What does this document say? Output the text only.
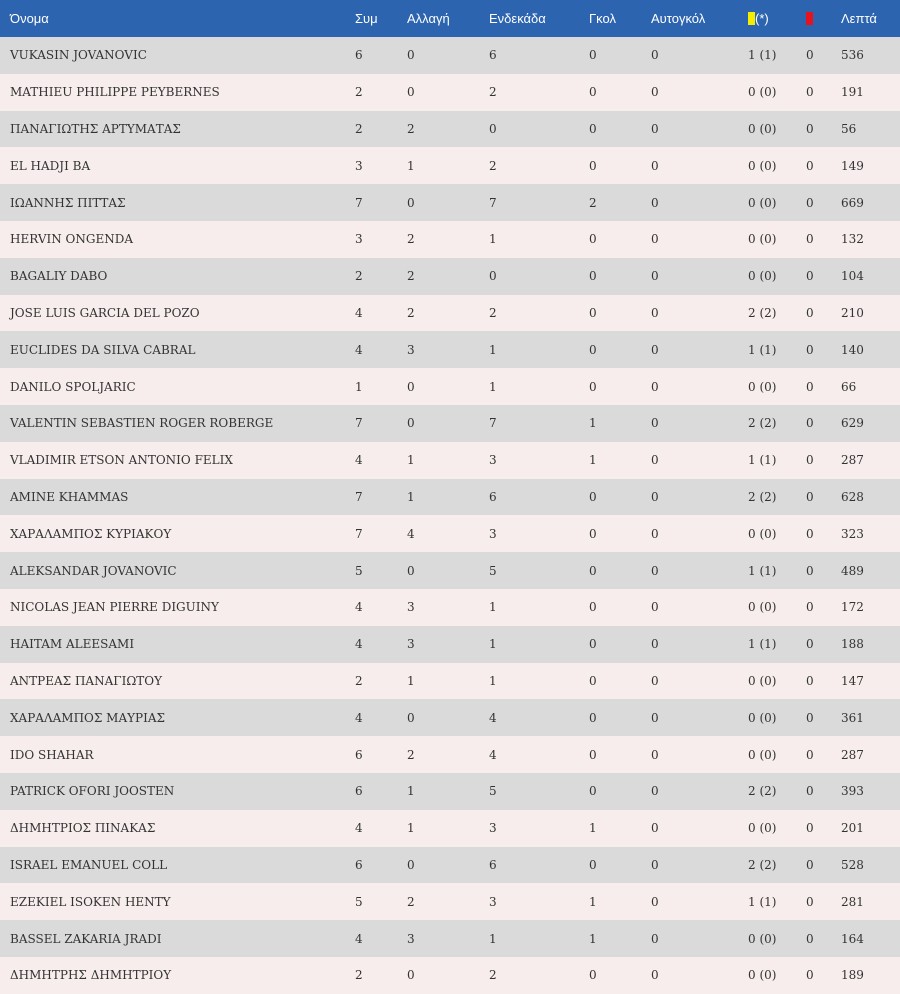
Όνομα	Συμ	Αλλαγή	Ενδεκάδα	Γκολ	Αυτογκόλ	(*)		Λεπτά
VUKASIN JOVANOVIC	6	0	6	0	0	1 (1)	0	536
MATHIEU PHILIPPE PEYBERNES	2	0	2	0	0	0 (0)	0	191
ΠΑΝΑΓΙΩΤΗΣ ΑΡΤΥΜΑΤΑΣ	2	2	0	0	0	0 (0)	0	56
EL HADJI BA	3	1	2	0	0	0 (0)	0	149
ΙΩΑΝΝΗΣ ΠΙΤΤΑΣ	7	0	7	2	0	0 (0)	0	669
HERVIN ONGENDA	3	2	1	0	0	0 (0)	0	132
BAGALIY DABO	2	2	0	0	0	0 (0)	0	104
JOSE LUIS GARCIA DEL POZO	4	2	2	0	0	2 (2)	0	210
EUCLIDES DA SILVA CABRAL	4	3	1	0	0	1 (1)	0	140
DANILO SPOLJARIC	1	0	1	0	0	0 (0)	0	66
VALENTIN SEBASTIEN ROGER ROBERGE	7	0	7	1	0	2 (2)	0	629
VLADIMIR ETSON ANTONIO FELIX	4	1	3	1	0	1 (1)	0	287
AMINE KHAMMAS	7	1	6	0	0	2 (2)	0	628
ΧΑΡΑΛΑΜΠΟΣ ΚΥΡΙΑΚΟΥ	7	4	3	0	0	0 (0)	0	323
ALEKSANDAR JOVANOVIC	5	0	5	0	0	1 (1)	0	489
NICOLAS JEAN PIERRE DIGUINY	4	3	1	0	0	0 (0)	0	172
HAITAM ALEESAMI	4	3	1	0	0	1 (1)	0	188
ΑΝΤΡΕΑΣ ΠΑΝΑΓΙΩΤΟΥ	2	1	1	0	0	0 (0)	0	147
ΧΑΡΑΛΑΜΠΟΣ ΜΑΥΡΙΑΣ	4	0	4	0	0	0 (0)	0	361
IDO SHAHAR	6	2	4	0	0	0 (0)	0	287
PATRICK OFORI JOOSTEN	6	1	5	0	0	2 (2)	0	393
ΔΗΜΗΤΡΙΟΣ ΠΙΝΑΚΑΣ	4	1	3	1	0	0 (0)	0	201
ISRAEL EMANUEL COLL	6	0	6	0	0	2 (2)	0	528
EZEKIEL ISOKEN HENTY	5	2	3	1	0	1 (1)	0	281
BASSEL ZAKARIA JRADI	4	3	1	1	0	0 (0)	0	164
ΔΗΜΗΤΡΗΣ ΔΗΜΗΤΡΙΟΥ	2	0	2	0	0	0 (0)	0	189
